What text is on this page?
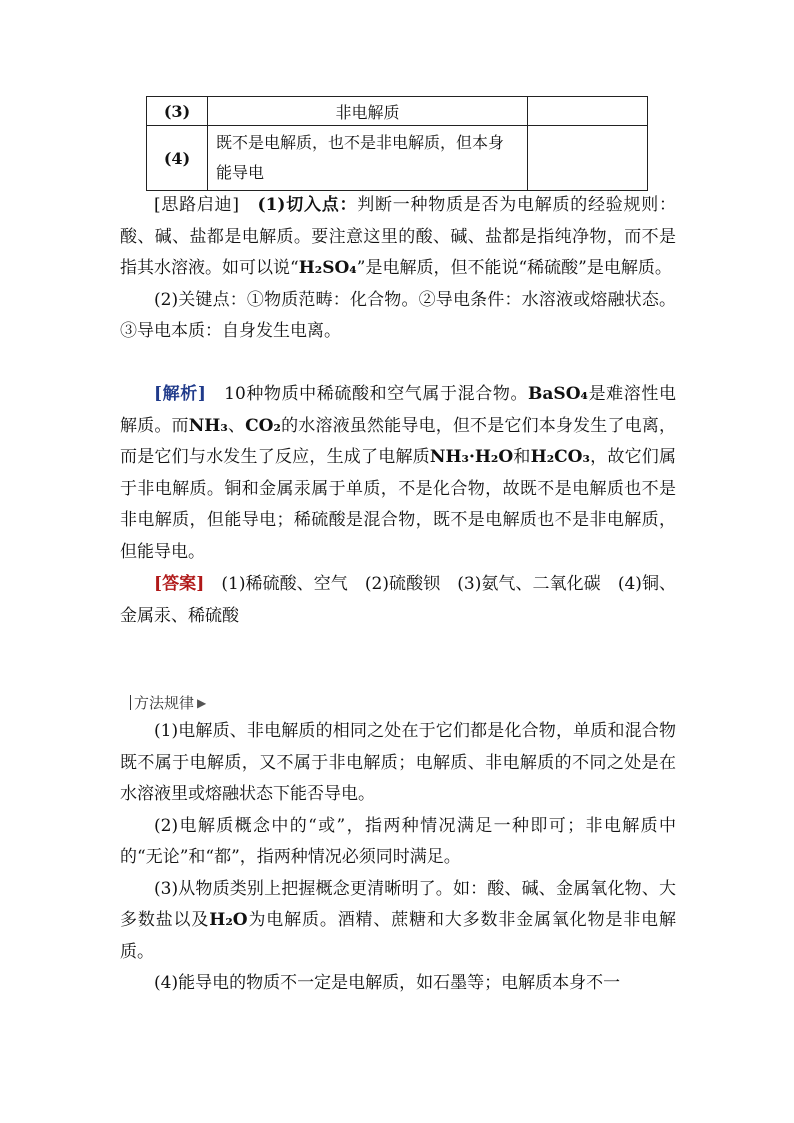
(3)	非电解质	
(4)	既不是电解质，也不是非电解质，但本身能导电	

[思路启迪]　 (1)切入点：判断一种物质是否为电解质的经验规则：酸、碱、盐都是电解质。要注意这里的酸、碱、盐都是指纯净物，而不是指其水溶液。如可以说“H₂SO₄”是电解质，但不能说“稀硫酸”是电解质。

(2)关键点：①物质范畴：化合物。②导电条件：水溶液或熔融状态。③导电本质：自身发生电离。

[解析]　 10种物质中稀硫酸和空气属于混合物。BaSO₄是难溶性电解质。而NH₃、CO₂的水溶液虽然能导电，但不是它们本身发生了电离，而是它们与水发生了反应，生成了电解质NH₃·H₂O和H₂CO₃，故它们属于非电解质。铜和金属汞属于单质，不是化合物，故既不是电解质也不是非电解质，但能导电；稀硫酸是混合物，既不是电解质也不是非电解质，但能导电。

[答案]　 (1)稀硫酸、空气　(2)硫酸钡　(3)氨气、二氧化碳　(4)铜、金属汞、稀硫酸

方法规律 ▶

(1)电解质、非电解质的相同之处在于它们都是化合物，单质和混合物既不属于电解质，又不属于非电解质；电解质、非电解质的不同之处是在水溶液里或熔融状态下能否导电。

(2)电解质概念中的“或”，指两种情况满足一种即可；非电解质中的“无论”和“都”，指两种情况必须同时满足。

(3)从物质类别上把握概念更清晰明了。如：酸、碱、金属氧化物、大多数盐以及H₂O为电解质。酒精、蔗糖和大多数非金属氧化物是非电解质。

(4)能导电的物质不一定是电解质，如石墨等；电解质本身不一
